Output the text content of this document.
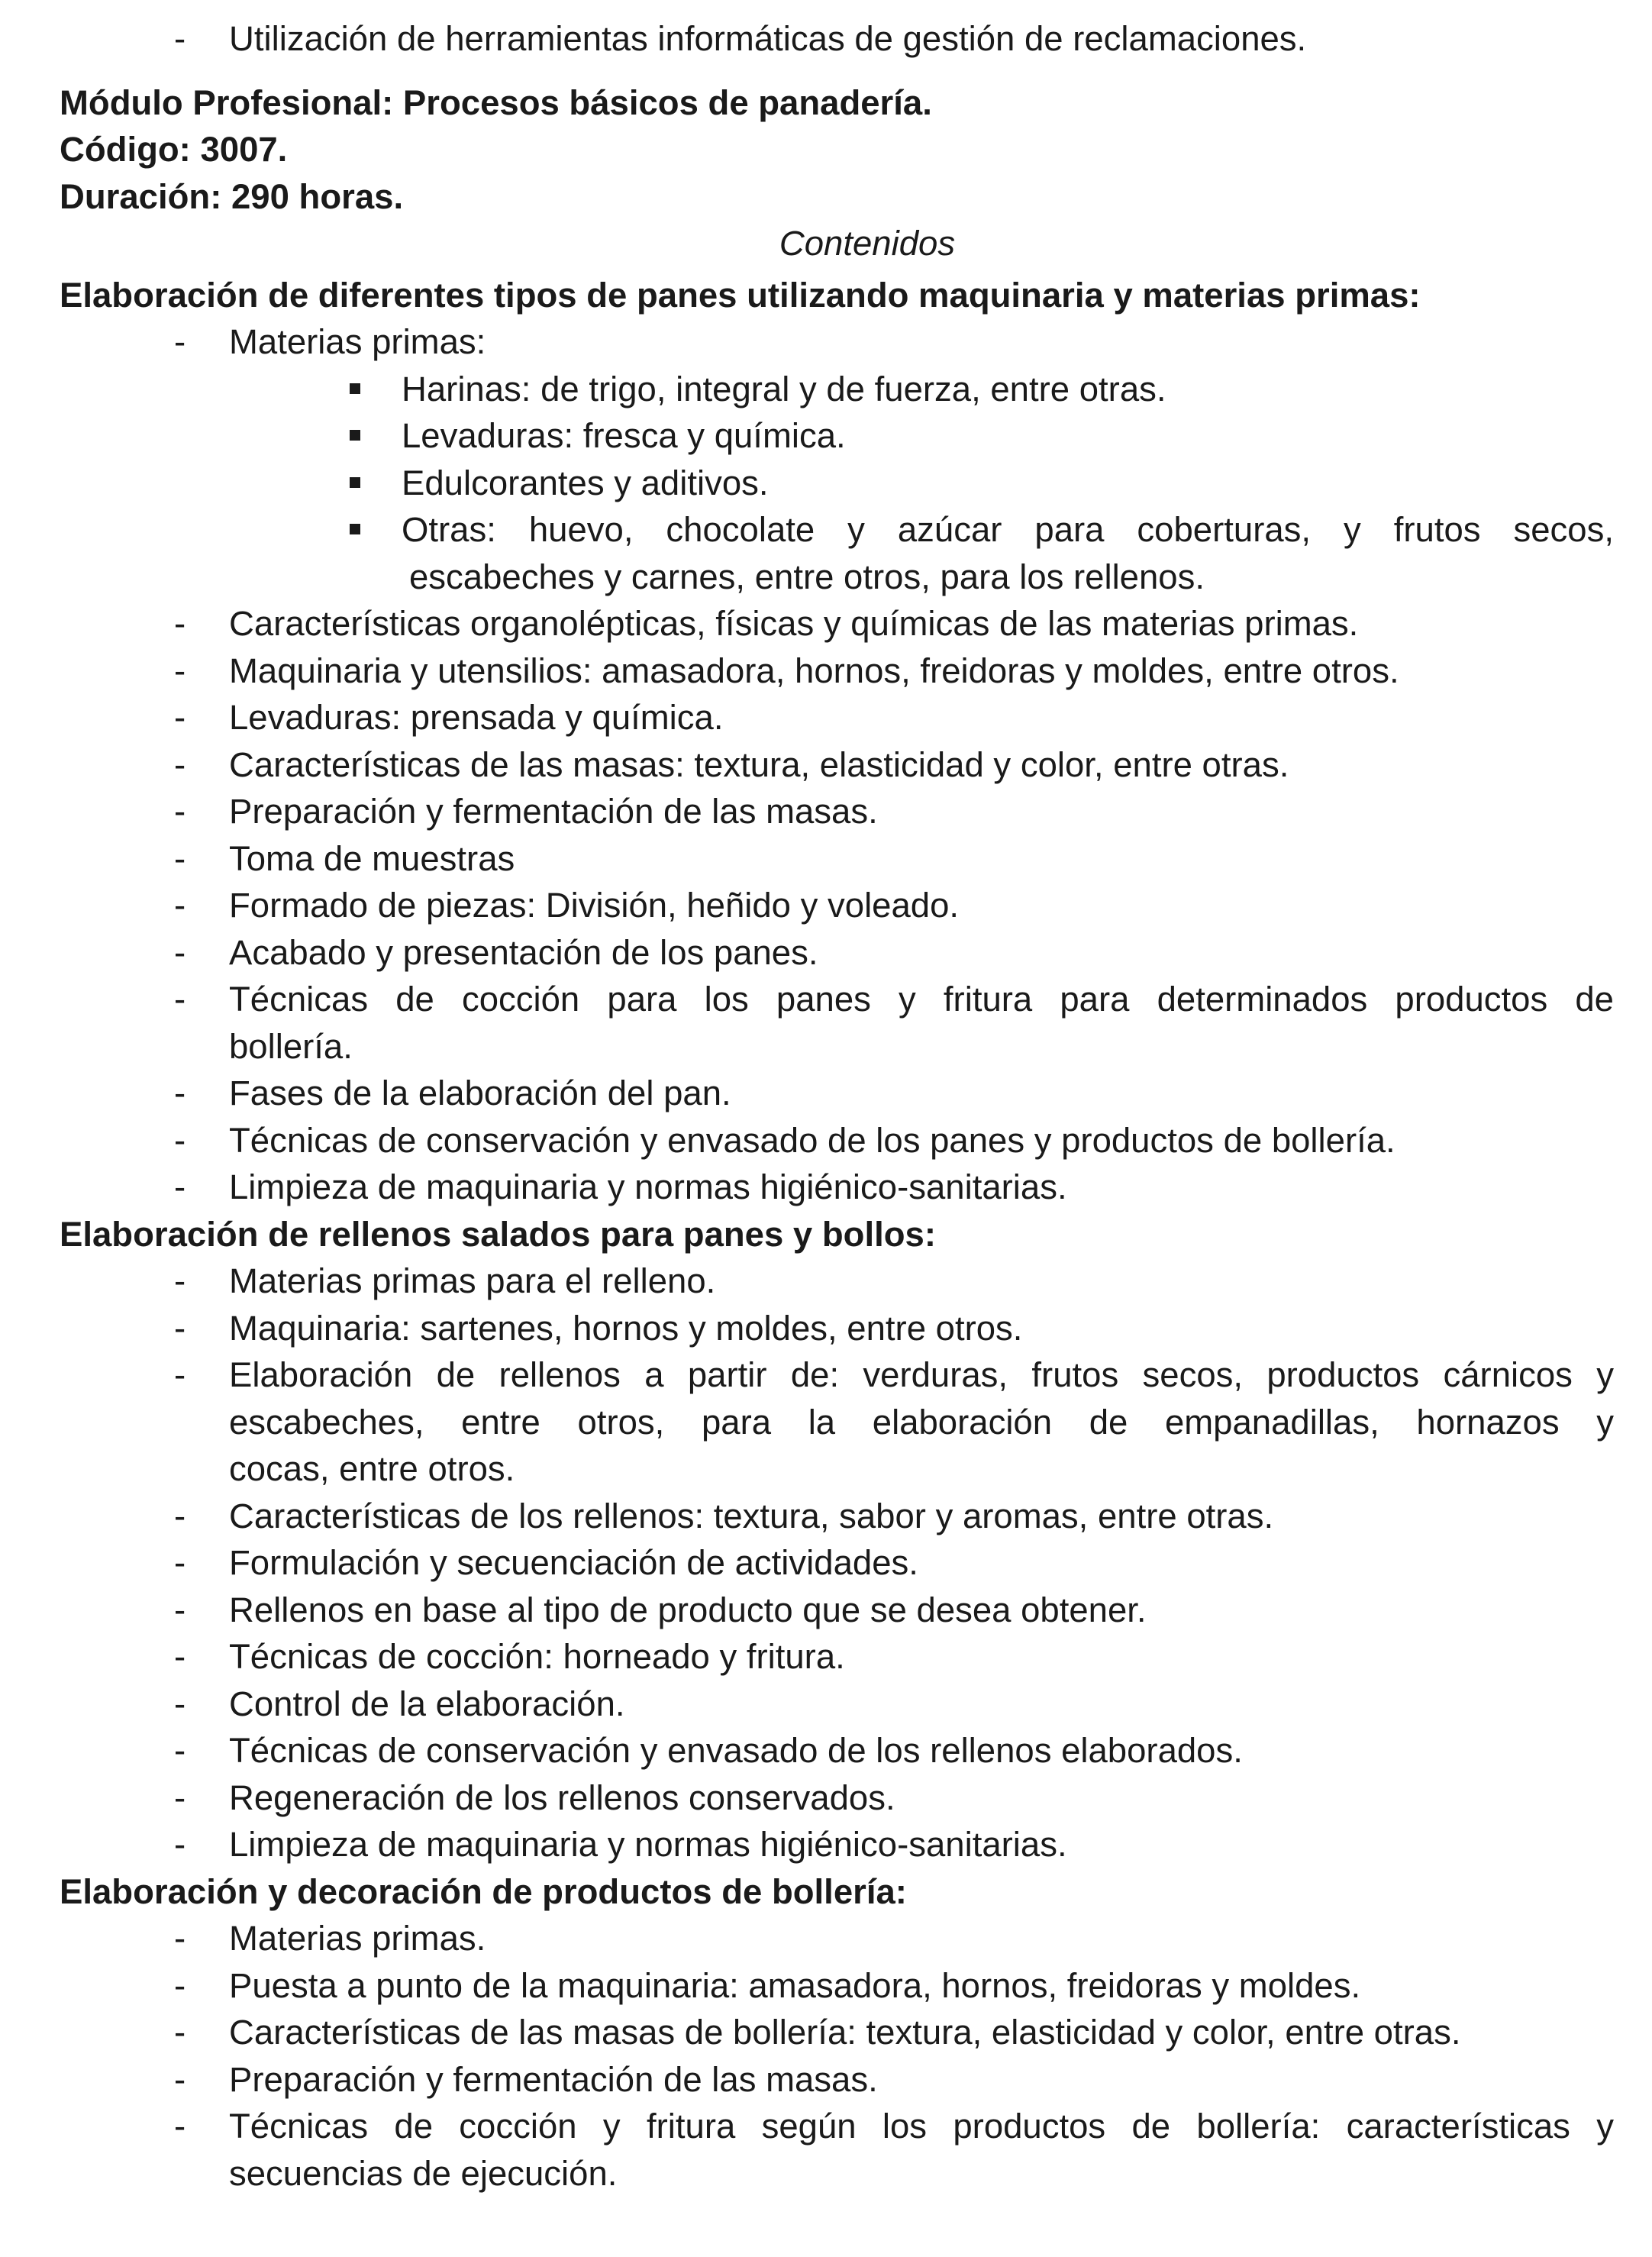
- Utilización de herramientas informáticas de gestión de reclamaciones.
Módulo Profesional: Procesos básicos de panadería.
Código: 3007.
Duración: 290 horas.
Contenidos
Elaboración de diferentes tipos de panes utilizando maquinaria y materias primas:
- Materias primas:
Harinas: de trigo, integral y de fuerza, entre otras.
Levaduras: fresca y química.
Edulcorantes y aditivos.
Otras: huevo, chocolate y azúcar para coberturas, y frutos secos,
escabeches y carnes, entre otros, para los rellenos.
- Características organolépticas, físicas y químicas de las materias primas.
- Maquinaria y utensilios: amasadora, hornos, freidoras y moldes, entre otros.
- Levaduras: prensada y química.
- Características de las masas: textura, elasticidad y color, entre otras.
- Preparación y fermentación de las masas.
- Toma de muestras
- Formado de piezas: División, heñido y voleado.
- Acabado y presentación de los panes.
- Técnicas de cocción para los panes y fritura para determinados productos de
bollería.
- Fases de la elaboración del pan.
- Técnicas de conservación y envasado de los panes y productos de bollería.
- Limpieza de maquinaria y normas higiénico-sanitarias.
Elaboración de rellenos salados para panes y bollos:
- Materias primas para el relleno.
- Maquinaria: sartenes, hornos y moldes, entre otros.
- Elaboración de rellenos a partir de: verduras, frutos secos, productos cárnicos y
escabeches, entre otros, para la elaboración de empanadillas, hornazos y
cocas, entre otros.
- Características de los rellenos: textura, sabor y aromas, entre otras.
- Formulación y secuenciación de actividades.
- Rellenos en base al tipo de producto que se desea obtener.
- Técnicas de cocción: horneado y fritura.
- Control de la elaboración.
- Técnicas de conservación y envasado de los rellenos elaborados.
- Regeneración de los rellenos conservados.
- Limpieza de maquinaria y normas higiénico-sanitarias.
Elaboración y decoración de productos de bollería:
- Materias primas.
- Puesta a punto de la maquinaria: amasadora, hornos, freidoras y moldes.
- Características de las masas de bollería: textura, elasticidad y color, entre otras.
- Preparación y fermentación de las masas.
- Técnicas de cocción y fritura según los productos de bollería: características y
secuencias de ejecución.
